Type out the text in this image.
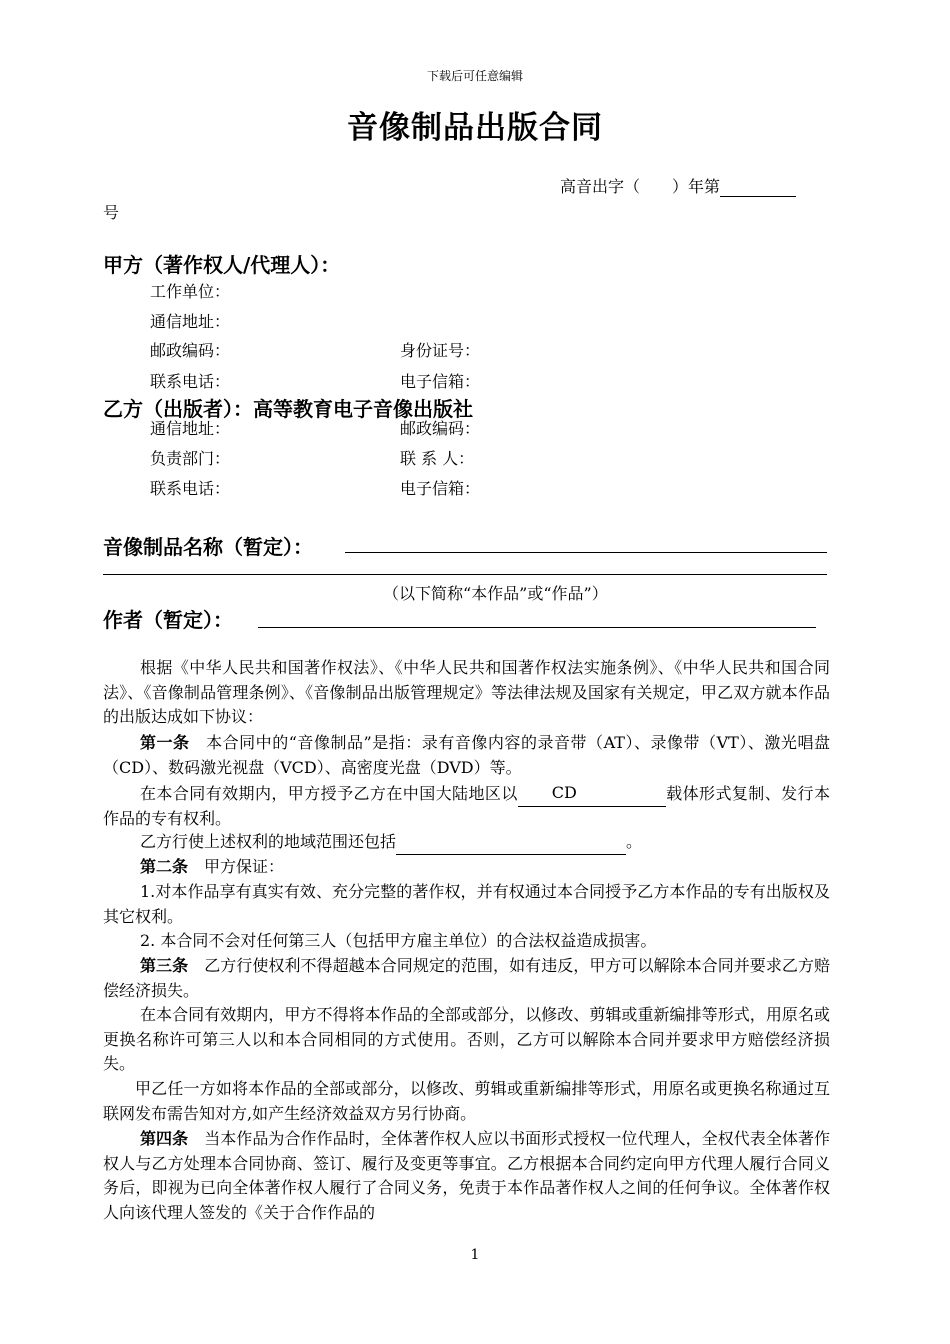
下载后可任意编辑
音像制品出版合同
高音出字（ ）年第
号
甲方（著作权人/代理人）：
工作单位：
通信地址：
邮政编码：	身份证号：
联系电话：	电子信箱：
乙方（出版者）：高等教育电子音像出版社
通信地址：	邮政编码：
负责部门：	联 系 人：
联系电话：	电子信箱：
音像制品名称（暂定）：
（以下简称“本作品”或“作品”）
作者（暂定）：
根据《中华人民共和国著作权法》、《中华人民共和国著作权法实施条例》、《中华人民共和国合同法》、《音像制品管理条例》、《音像制品出版管理规定》等法律法规及国家有关规定，甲乙双方就本作品的出版达成如下协议：
第一条 本合同中的“音像制品”是指：录有音像内容的录音带（AT）、录像带（VT）、激光唱盘（CD）、数码激光视盘（VCD）、高密度光盘（DVD）等。
在本合同有效期内，甲方授予乙方在中国大陆地区以 CD	载体形式复制、发行本作品的专有权利。
乙方行使上述权利的地域范围还包括	。
第二条 甲方保证：
1.对本作品享有真实有效、充分完整的著作权，并有权通过本合同授予乙方本作品的专有出版权及其它权利。
2. 本合同不会对任何第三人（包括甲方雇主单位）的合法权益造成损害。
第三条 乙方行使权利不得超越本合同规定的范围，如有违反，甲方可以解除本合同并要求乙方赔偿经济损失。
在本合同有效期内，甲方不得将本作品的全部或部分，以修改、剪辑或重新编排等形式，用原名或更换名称许可第三人以和本合同相同的方式使用。否则，乙方可以解除本合同并要求甲方赔偿经济损失。
甲乙任一方如将本作品的全部或部分，以修改、剪辑或重新编排等形式，用原名或更换名称通过互联网发布需告知对方,如产生经济效益双方另行协商。
第四条 当本作品为合作作品时，全体著作权人应以书面形式授权一位代理人，全权代表全体著作权人与乙方处理本合同协商、签订、履行及变更等事宜。乙方根据本合同约定向甲方代理人履行合同义务后，即视为已向全体著作权人履行了合同义务，免责于本作品著作权人之间的任何争议。全体著作权人向该代理人签发的《关于合作作品的
1
